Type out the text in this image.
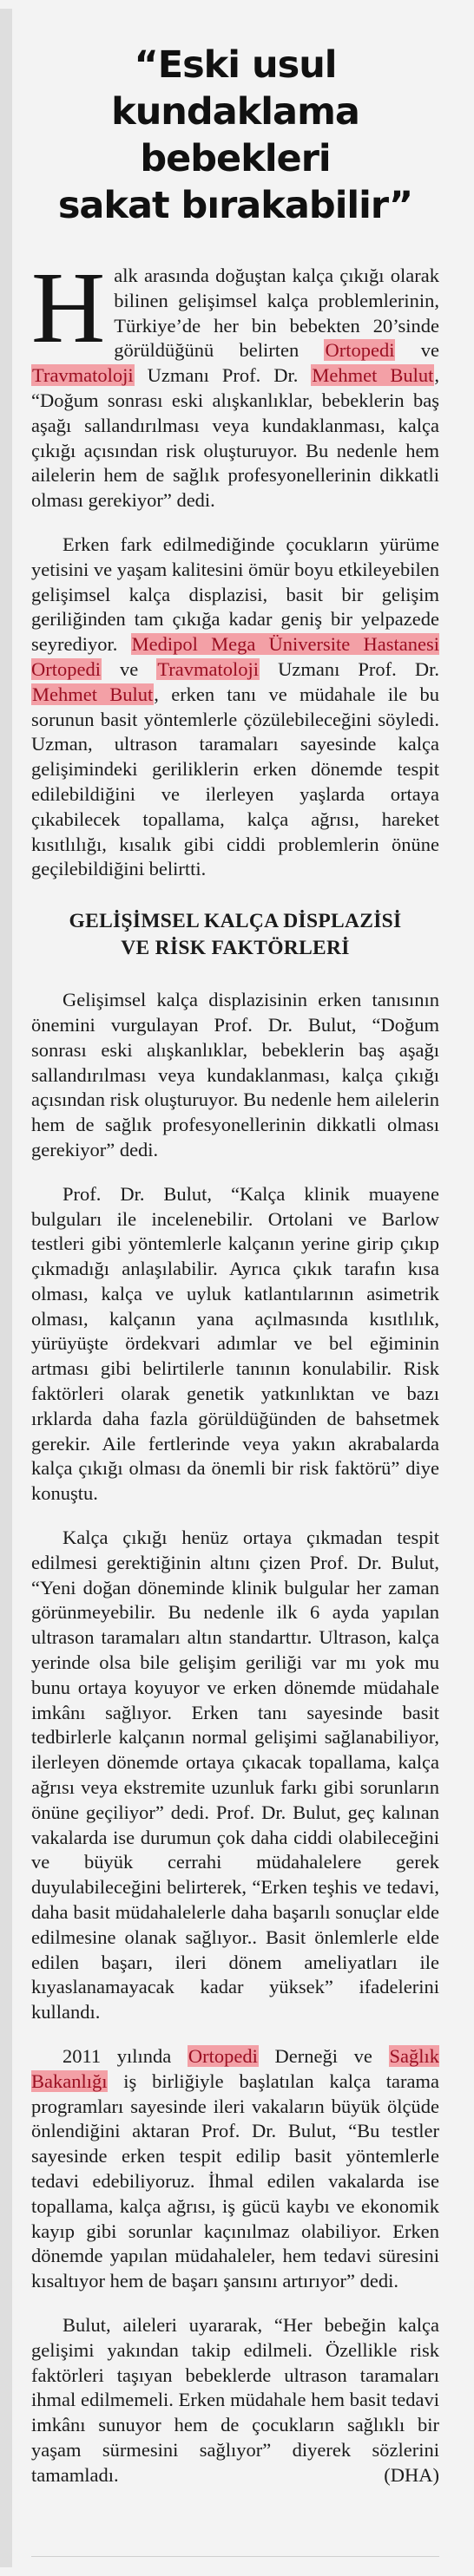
“Eski usul
kundaklama bebekleri
sakat bırakabilir”

Halk arasında doğuştan kalça çıkığı olarak bilinen gelişimsel kalça problemlerinin, Türkiye’de her bin bebekten 20’sinde görüldüğünü belirten Ortopedi ve Travmatoloji Uzmanı Prof. Dr. Mehmet Bulut, “Doğum sonrası eski alışkanlıklar, bebeklerin baş aşağı sallandırılması veya kundaklanması, kalça çıkığı açısından risk oluşturuyor. Bu nedenle hem ailelerin hem de sağlık profesyonellerinin dikkatli olması gerekiyor” dedi.

Erken fark edilmediğinde çocukların yürüme yetisini ve yaşam kalitesini ömür boyu etkileyebilen gelişimsel kalça displazisi, basit bir gelişim geriliğinden tam çıkığa kadar geniş bir yelpazede seyrediyor. Medipol Mega Üniversite Hastanesi Ortopedi ve Travmatoloji Uzmanı Prof. Dr. Mehmet Bulut, erken tanı ve müdahale ile bu sorunun basit yöntemlerle çözülebileceğini söyledi. Uzman, ultrason taramaları sayesinde kalça gelişimindeki geriliklerin erken dönemde tespit edilebildiğini ve ilerleyen yaşlarda ortaya çıkabilecek topallama, kalça ağrısı, hareket kısıtlılığı, kısalık gibi ciddi problemlerin önüne geçilebildiğini belirtti.

GELİŞİMSEL KALÇA DİSPLAZİSİ
VE RİSK FAKTÖRLERİ

Gelişimsel kalça displazisinin erken tanısının önemini vurgulayan Prof. Dr. Bulut, “Doğum sonrası eski alışkanlıklar, bebeklerin baş aşağı sallandırılması veya kundaklanması, kalça çıkığı açısından risk oluşturuyor. Bu nedenle hem ailelerin hem de sağlık profesyonellerinin dikkatli olması gerekiyor” dedi.

Prof. Dr. Bulut, “Kalça klinik muayene bulguları ile incelenebilir. Ortolani ve Barlow testleri gibi yöntemlerle kalçanın yerine girip çıkıp çıkmadığı anlaşılabilir. Ayrıca çıkık tarafın kısa olması, kalça ve uyluk katlantılarının asimetrik olması, kalçanın yana açılmasında kısıtlılık, yürüyüşte ördekvari adımlar ve bel eğiminin artması gibi belirtilerle tanının konulabilir. Risk faktörleri olarak genetik yatkınlıktan ve bazı ırklarda daha fazla görüldüğünden de bahsetmek gerekir. Aile fertlerinde veya yakın akrabalarda kalça çıkığı olması da önemli bir risk faktörü” diye konuştu.

Kalça çıkığı henüz ortaya çıkmadan tespit edilmesi gerektiğinin altını çizen Prof. Dr. Bulut, “Yeni doğan döneminde klinik bulgular her zaman görünmeyebilir. Bu nedenle ilk 6 ayda yapılan ultrason taramaları altın standarttır. Ultrason, kalça yerinde olsa bile gelişim geriliği var mı yok mu bunu ortaya koyuyor ve erken dönemde müdahale imkânı sağlıyor. Erken tanı sayesinde basit tedbirlerle kalçanın normal gelişimi sağlanabiliyor, ilerleyen dönemde ortaya çıkacak topallama, kalça ağrısı veya ekstremite uzunluk farkı gibi sorunların önüne geçiliyor” dedi. Prof. Dr. Bulut, geç kalınan vakalarda ise durumun çok daha ciddi olabileceğini ve büyük cerrahi müdahalelere gerek duyulabileceğini belirterek, “Erken teşhis ve tedavi, daha basit müdahalelerle daha başarılı sonuçlar elde edilmesine olanak sağlıyor.. Basit önlemlerle elde edilen başarı, ileri dönem ameliyatları ile kıyaslanamayacak kadar yüksek” ifadelerini kullandı.

2011 yılında Ortopedi Derneği ve Sağlık Bakanlığı iş birliğiyle başlatılan kalça tarama programları sayesinde ileri vakaların büyük ölçüde önlendiğini aktaran Prof. Dr. Bulut, “Bu testler sayesinde erken tespit edilip basit yöntemlerle tedavi edebiliyoruz. İhmal edilen vakalarda ise topallama, kalça ağrısı, iş gücü kaybı ve ekonomik kayıp gibi sorunlar kaçınılmaz olabiliyor. Erken dönemde yapılan müdahaleler, hem tedavi süresini kısaltıyor hem de başarı şansını artırıyor” dedi.

Bulut, aileleri uyararak, “Her bebeğin kalça gelişimi yakından takip edilmeli. Özellikle risk faktörleri taşıyan bebeklerde ultrason taramaları ihmal edilmemeli. Erken müdahale hem basit tedavi imkânı sunuyor hem de çocukların sağlıklı bir yaşam sürmesini sağlıyor” diyerek sözlerini tamamladı.	(DHA)
